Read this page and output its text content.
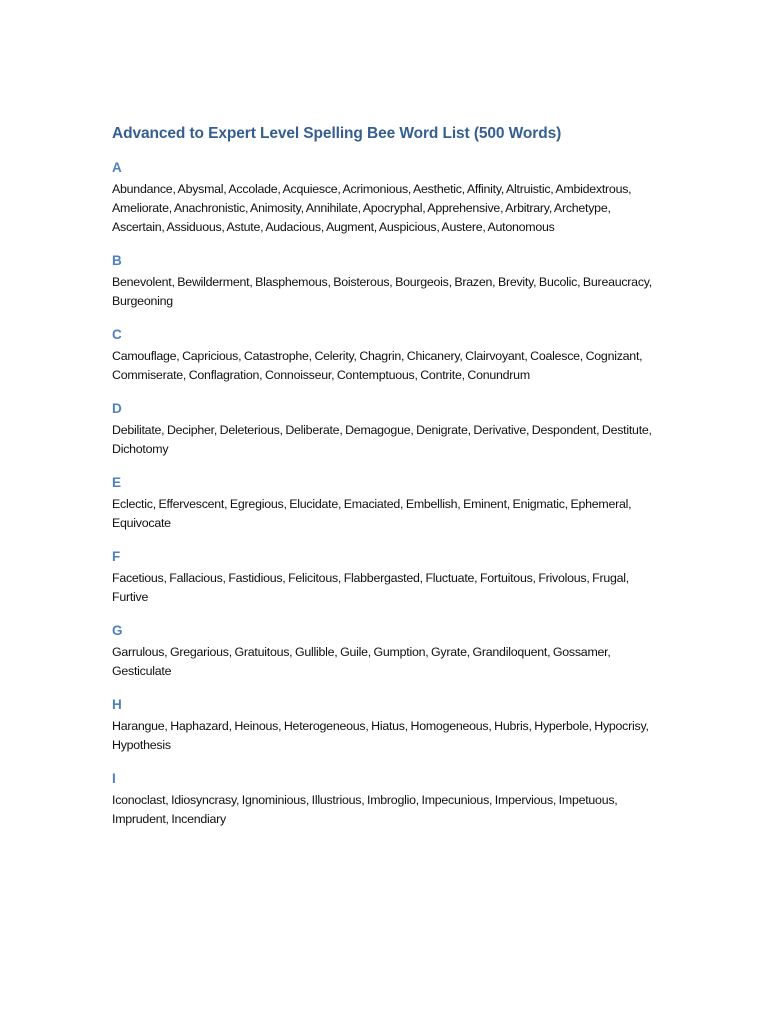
Advanced to Expert Level Spelling Bee Word List (500 Words)
A

Abundance, Abysmal, Accolade, Acquiesce, Acrimonious, Aesthetic, Affinity, Altruistic, Ambidextrous, Ameliorate, Anachronistic, Animosity, Annihilate, Apocryphal, Apprehensive, Arbitrary, Archetype, Ascertain, Assiduous, Astute, Audacious, Augment, Auspicious, Austere, Autonomous

B

Benevolent, Bewilderment, Blasphemous, Boisterous, Bourgeois, Brazen, Brevity, Bucolic, Bureaucracy, Burgeoning

C

Camouflage, Capricious, Catastrophe, Celerity, Chagrin, Chicanery, Clairvoyant, Coalesce, Cognizant, Commiserate, Conflagration, Connoisseur, Contemptuous, Contrite, Conundrum

D

Debilitate, Decipher, Deleterious, Deliberate, Demagogue, Denigrate, Derivative, Despondent, Destitute, Dichotomy

E

Eclectic, Effervescent, Egregious, Elucidate, Emaciated, Embellish, Eminent, Enigmatic, Ephemeral, Equivocate

F

Facetious, Fallacious, Fastidious, Felicitous, Flabbergasted, Fluctuate, Fortuitous, Frivolous, Frugal, Furtive

G

Garrulous, Gregarious, Gratuitous, Gullible, Guile, Gumption, Gyrate, Grandiloquent, Gossamer, Gesticulate

H

Harangue, Haphazard, Heinous, Heterogeneous, Hiatus, Homogeneous, Hubris, Hyperbole, Hypocrisy, Hypothesis

I

Iconoclast, Idiosyncrasy, Ignominious, Illustrious, Imbroglio, Impecunious, Impervious, Impetuous, Imprudent, Incendiary
